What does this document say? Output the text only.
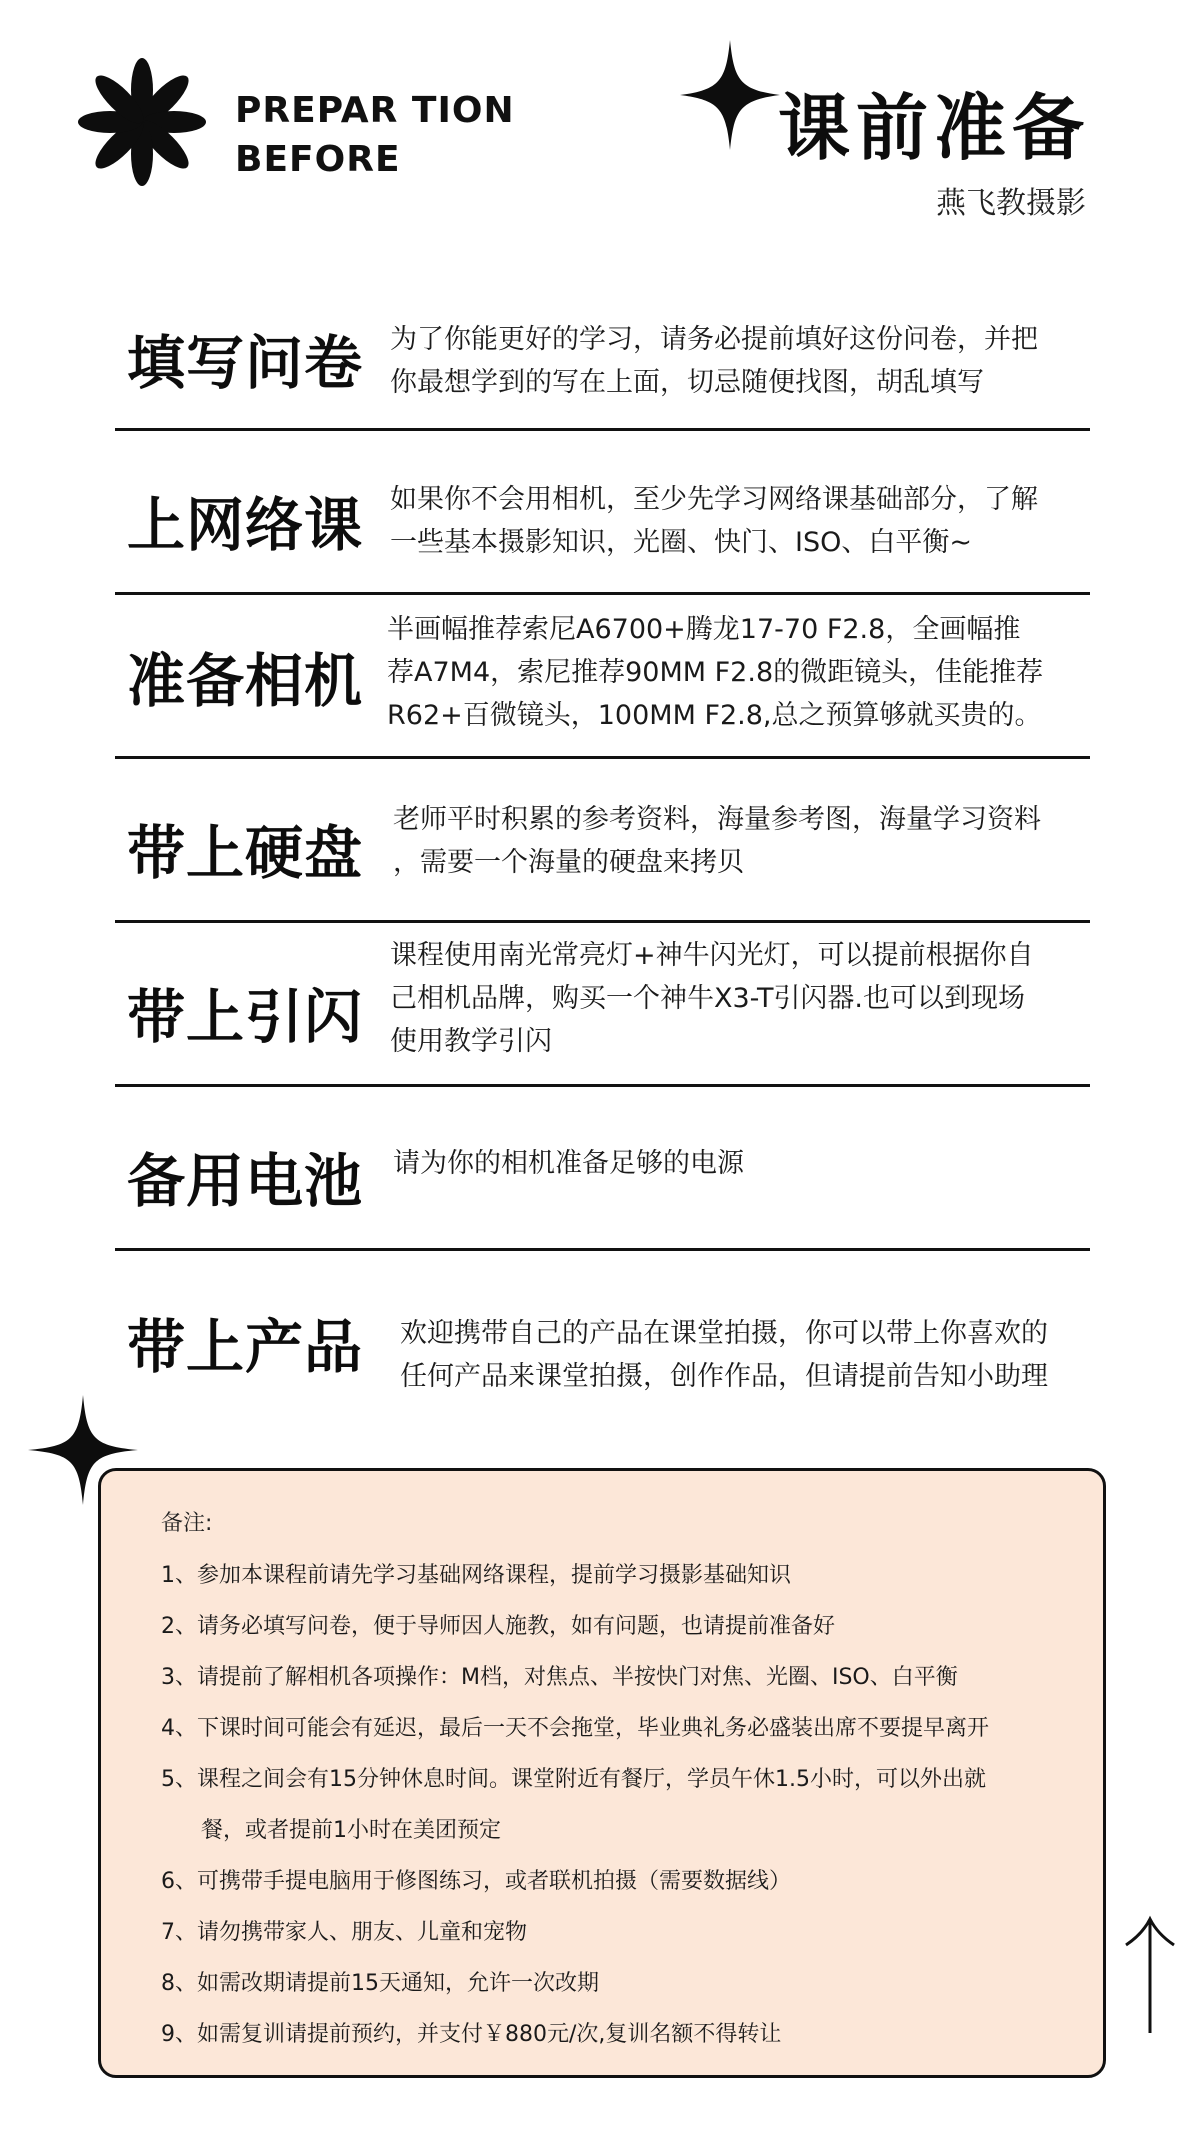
PREPAR TION
BEFORE	课前准备
燕飞教摄影
填写问卷 为了你能更好的学习，请务必提前填好这份问卷，并把
你最想学到的写在上面，切忌随便找图，胡乱填写
上网络课 如果你不会用相机，至少先学习网络课基础部分，了解
一些基本摄影知识，光圈、快门、ISO、白平衡~
准备相机
半画幅推荐索尼A6700+腾龙17-70 F2.8，全画幅推
荐A7M4，索尼推荐90MM F2.8的微距镜头，佳能推荐
R62+百微镜头，100MM F2.8,总之预算够就买贵的。
带上硬盘 老师平时积累的参考资料，海量参考图，海量学习资料
，需要一个海量的硬盘来拷贝
带上引闪
课程使用南光常亮灯+神牛闪光灯，可以提前根据你自
己相机品牌，购买一个神牛X3-T引闪器.也可以到现场
使用教学引闪
备用电池 请为你的相机准备足够的电源
带上产品 欢迎携带自己的产品在课堂拍摄，你可以带上你喜欢的
任何产品来课堂拍摄，创作作品，但请提前告知小助理
备注:
1、参加本课程前请先学习基础网络课程，提前学习摄影基础知识
2、请务必填写问卷，便于导师因人施教，如有问题，也请提前准备好
3、请提前了解相机各项操作：M档，对焦点、半按快门对焦、光圈、ISO、白平衡
4、下课时间可能会有延迟，最后一天不会拖堂，毕业典礼务必盛装出席不要提早离开
5、课程之间会有15分钟休息时间。课堂附近有餐厅，学员午休1.5小时，可以外出就
餐，或者提前1小时在美团预定
6、可携带手提电脑用于修图练习，或者联机拍摄（需要数据线）
7、请勿携带家人、朋友、儿童和宠物
8、如需改期请提前15天通知，允许一次改期
9、如需复训请提前预约，并支付￥880元/次,复训名额不得转让
